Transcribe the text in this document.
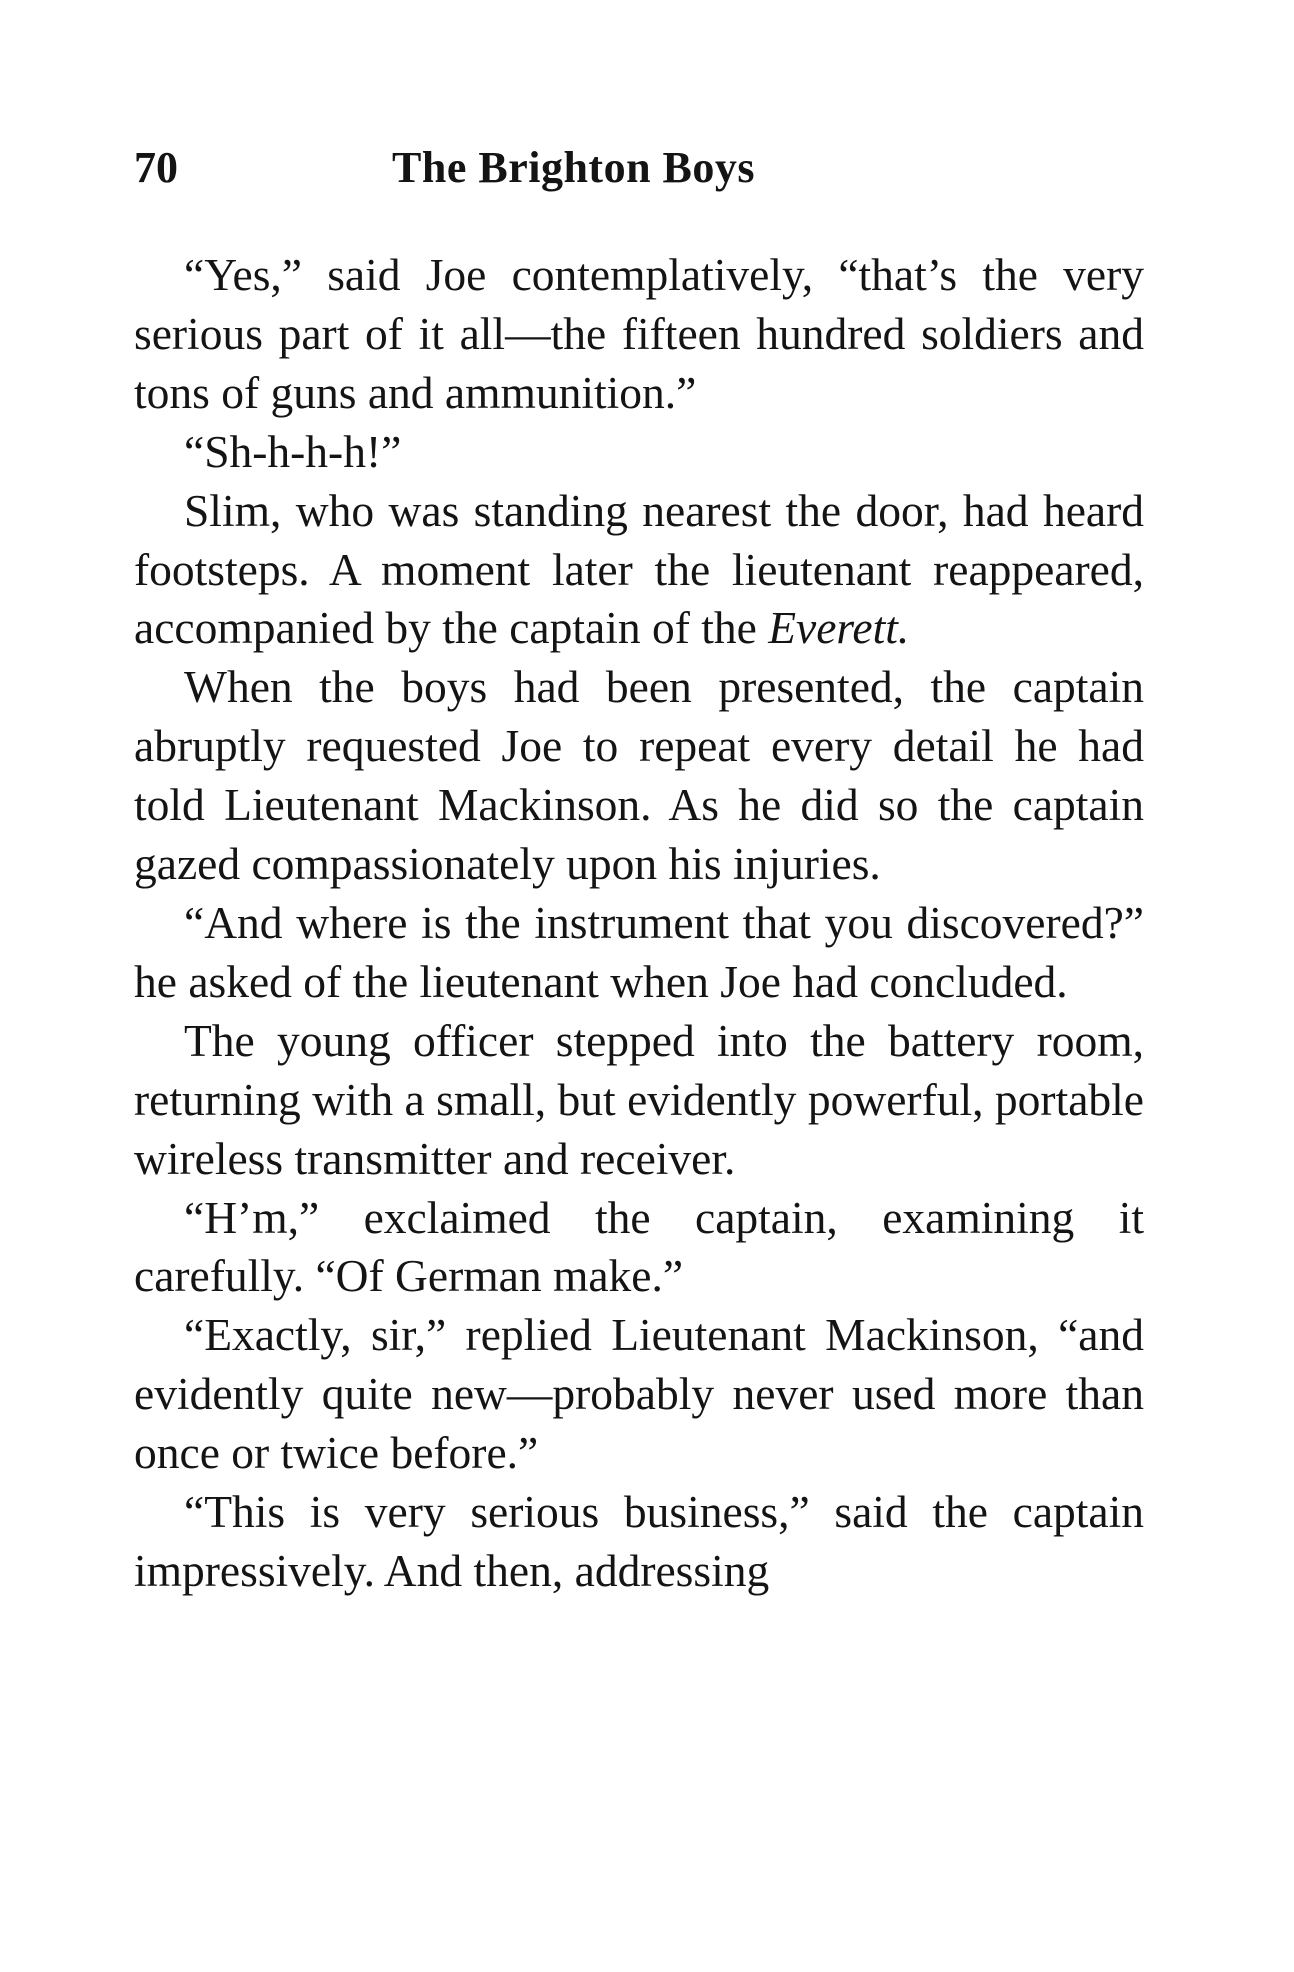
70	The Brighton Boys

“Yes,” said Joe contemplatively, “that’s the very serious part of it all—the fifteen hundred soldiers and tons of guns and ammunition.”

“Sh-h-h-h!”

Slim, who was standing nearest the door, had heard footsteps. A moment later the lieutenant reappeared, accompanied by the captain of the Everett.

When the boys had been presented, the captain abruptly requested Joe to repeat every detail he had told Lieutenant Mackinson. As he did so the captain gazed compassionately upon his injuries.

“And where is the instrument that you discovered?” he asked of the lieutenant when Joe had concluded.

The young officer stepped into the battery room, returning with a small, but evidently powerful, portable wireless transmitter and receiver.

“H’m,” exclaimed the captain, examining it carefully. “Of German make.”

“Exactly, sir,” replied Lieutenant Mackinson, “and evidently quite new—probably never used more than once or twice before.”

“This is very serious business,” said the captain impressively. And then, addressing
